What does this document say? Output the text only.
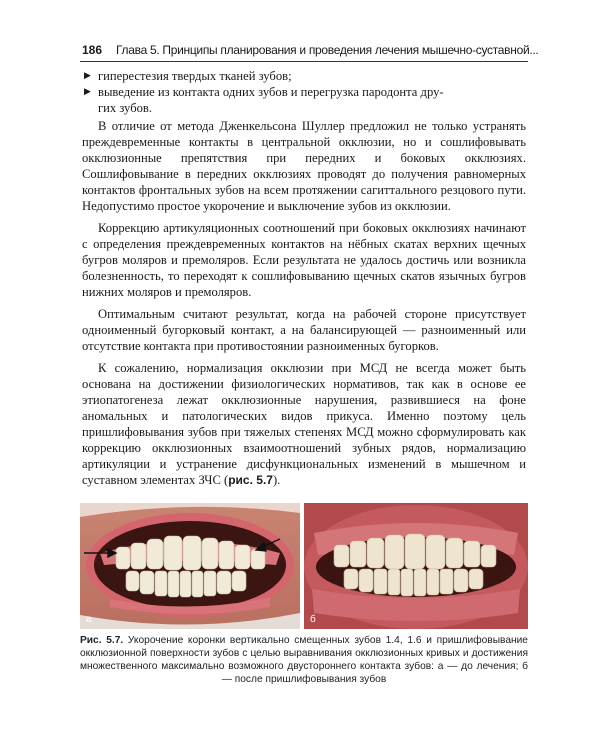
186 Глава 5. Принципы планирования и проведения лечения мышечно-суставной...
▶ гиперестезия твердых тканей зубов;
▶ выведение из контакта одних зубов и перегрузка пародонта дру-
гих зубов.

В отличие от метода Дженкельсона Шуллер предложил не только устранять преждевременные контакты в центральной окклюзии, но и сошлифовывать окклюзионные препятствия при передних и боковых окклюзиях. Сошлифовывание в передних окклюзиях проводят до получения равномерных контактов фронтальных зубов на всем протяжении сагиттального резцового пути. Недопустимо простое укорочение и выключение зубов из окклюзии.

Коррекцию артикуляционных соотношений при боковых окклюзиях начинают с определения преждевременных контактов на нёбных скатах верхних щечных бугров моляров и премоляров. Если результата не удалось достичь или возникла болезненность, то переходят к сошлифовыванию щечных скатов язычных бугров нижних моляров и премоляров.

Оптимальным считают результат, когда на рабочей стороне присутствует одноименный бугорковый контакт, а на балансирующей — разноименный или отсутствие контакта при противостоянии разноименных бугорков.

К сожалению, нормализация окклюзии при МСД не всегда может быть основана на достижении физиологических нормативов, так как в основе ее этиопатогенеза лежат окклюзионные нарушения, развившиеся на фоне аномальных и патологических видов прикуса. Именно поэтому цель пришлифовывания зубов при тяжелых степенях МСД можно сформулировать как коррекцию окклюзионных взаимоотношений зубных рядов, нормализацию артикуляции и устранение дисфункциональных изменений в мышечном и суставном элементах ЗЧС (рис. 5.7).

а	б
Рис. 5.7. Укорочение коронки вертикально смещенных зубов 1.4, 1.6 и пришлифовывание окклюзионной поверхности зубов с целью выравнивания окклюзионных кривых и достижения множественного максимально возможного двустороннего контакта зубов: а — до лечения; б — после пришлифовывания зубов
